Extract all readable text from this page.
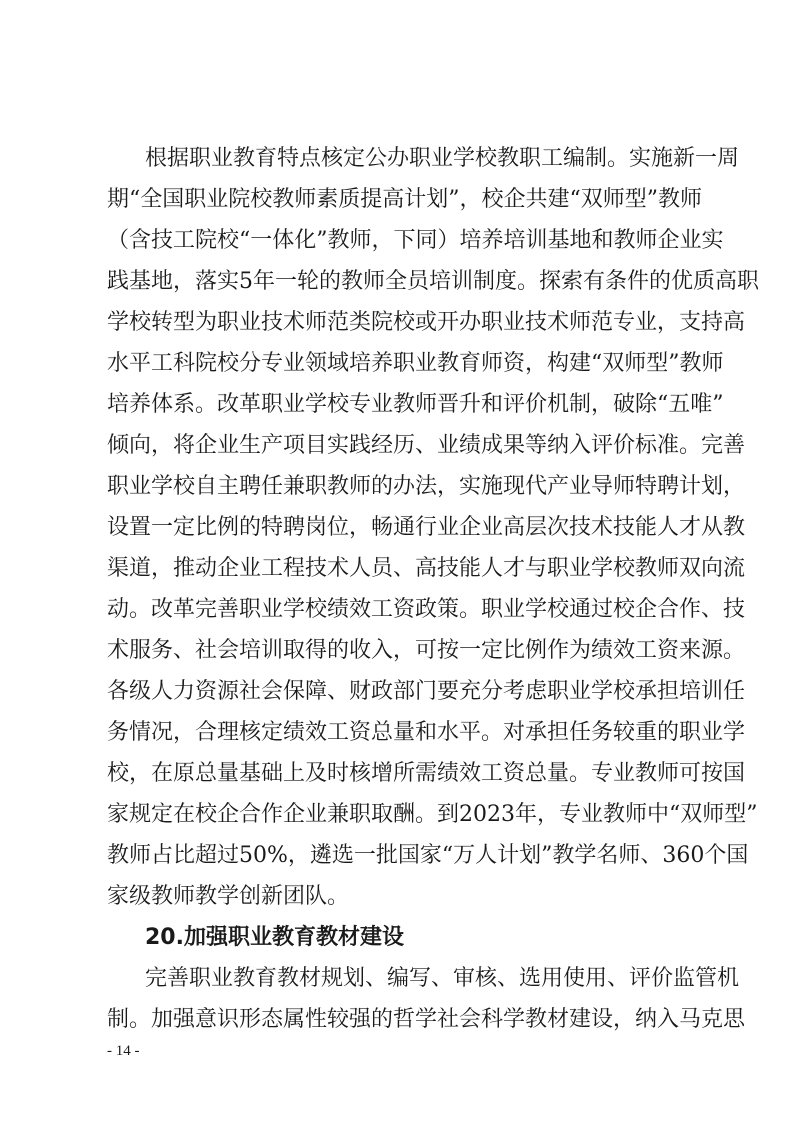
根据职业教育特点核定公办职业学校教职工编制。实施新一周
期“全国职业院校教师素质提高计划”，校企共建“双师型”教师
（含技工院校“一体化”教师，下同）培养培训基地和教师企业实
践基地，落实5年一轮的教师全员培训制度。探索有条件的优质高职
学校转型为职业技术师范类院校或开办职业技术师范专业，支持高
水平工科院校分专业领域培养职业教育师资，构建“双师型”教师
培养体系。改革职业学校专业教师晋升和评价机制，破除“五唯”
倾向，将企业生产项目实践经历、业绩成果等纳入评价标准。完善
职业学校自主聘任兼职教师的办法，实施现代产业导师特聘计划，
设置一定比例的特聘岗位，畅通行业企业高层次技术技能人才从教
渠道，推动企业工程技术人员、高技能人才与职业学校教师双向流
动。改革完善职业学校绩效工资政策。职业学校通过校企合作、技
术服务、社会培训取得的收入，可按一定比例作为绩效工资来源。
各级人力资源社会保障、财政部门要充分考虑职业学校承担培训任
务情况，合理核定绩效工资总量和水平。对承担任务较重的职业学
校，在原总量基础上及时核增所需绩效工资总量。专业教师可按国
家规定在校企合作企业兼职取酬。到2023年，专业教师中“双师型”
教师占比超过50%，遴选一批国家“万人计划”教学名师、360个国
家级教师教学创新团队。
20.加强职业教育教材建设
完善职业教育教材规划、编写、审核、选用使用、评价监管机
制。加强意识形态属性较强的哲学社会科学教材建设，纳入马克思
- 14 -
